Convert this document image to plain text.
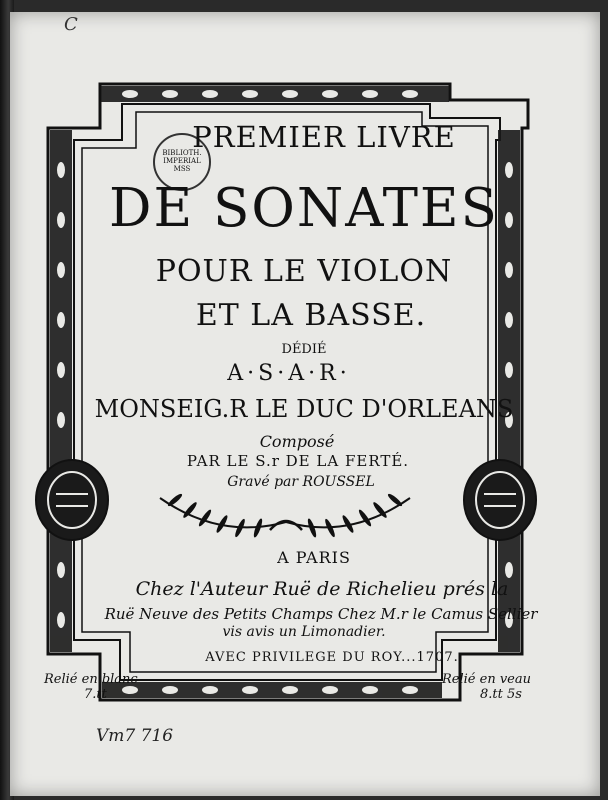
C
BIBLIOTH.
IMPERIAL
MSS
PREMIER LIVRE
DE SONATES
POUR LE VIOLON
ET LA BASSE.
DÉDIÉ
A·S·A·R·
MONSEIG.R LE DUC D'ORLEANS
Composé
PAR LE S.r DE LA FERTÉ.
Gravé par ROUSSEL
A PARIS
Chez l'Auteur Ruë de Richelieu prés la
Ruë Neuve des Petits Champs Chez M.r le Camus Sellier
vis avis un Limonadier.
AVEC PRIVILEGE DU ROY...1707.
Relié en blanc
7.tt
Relié en veau
8.tt 5s
Vm7 716
